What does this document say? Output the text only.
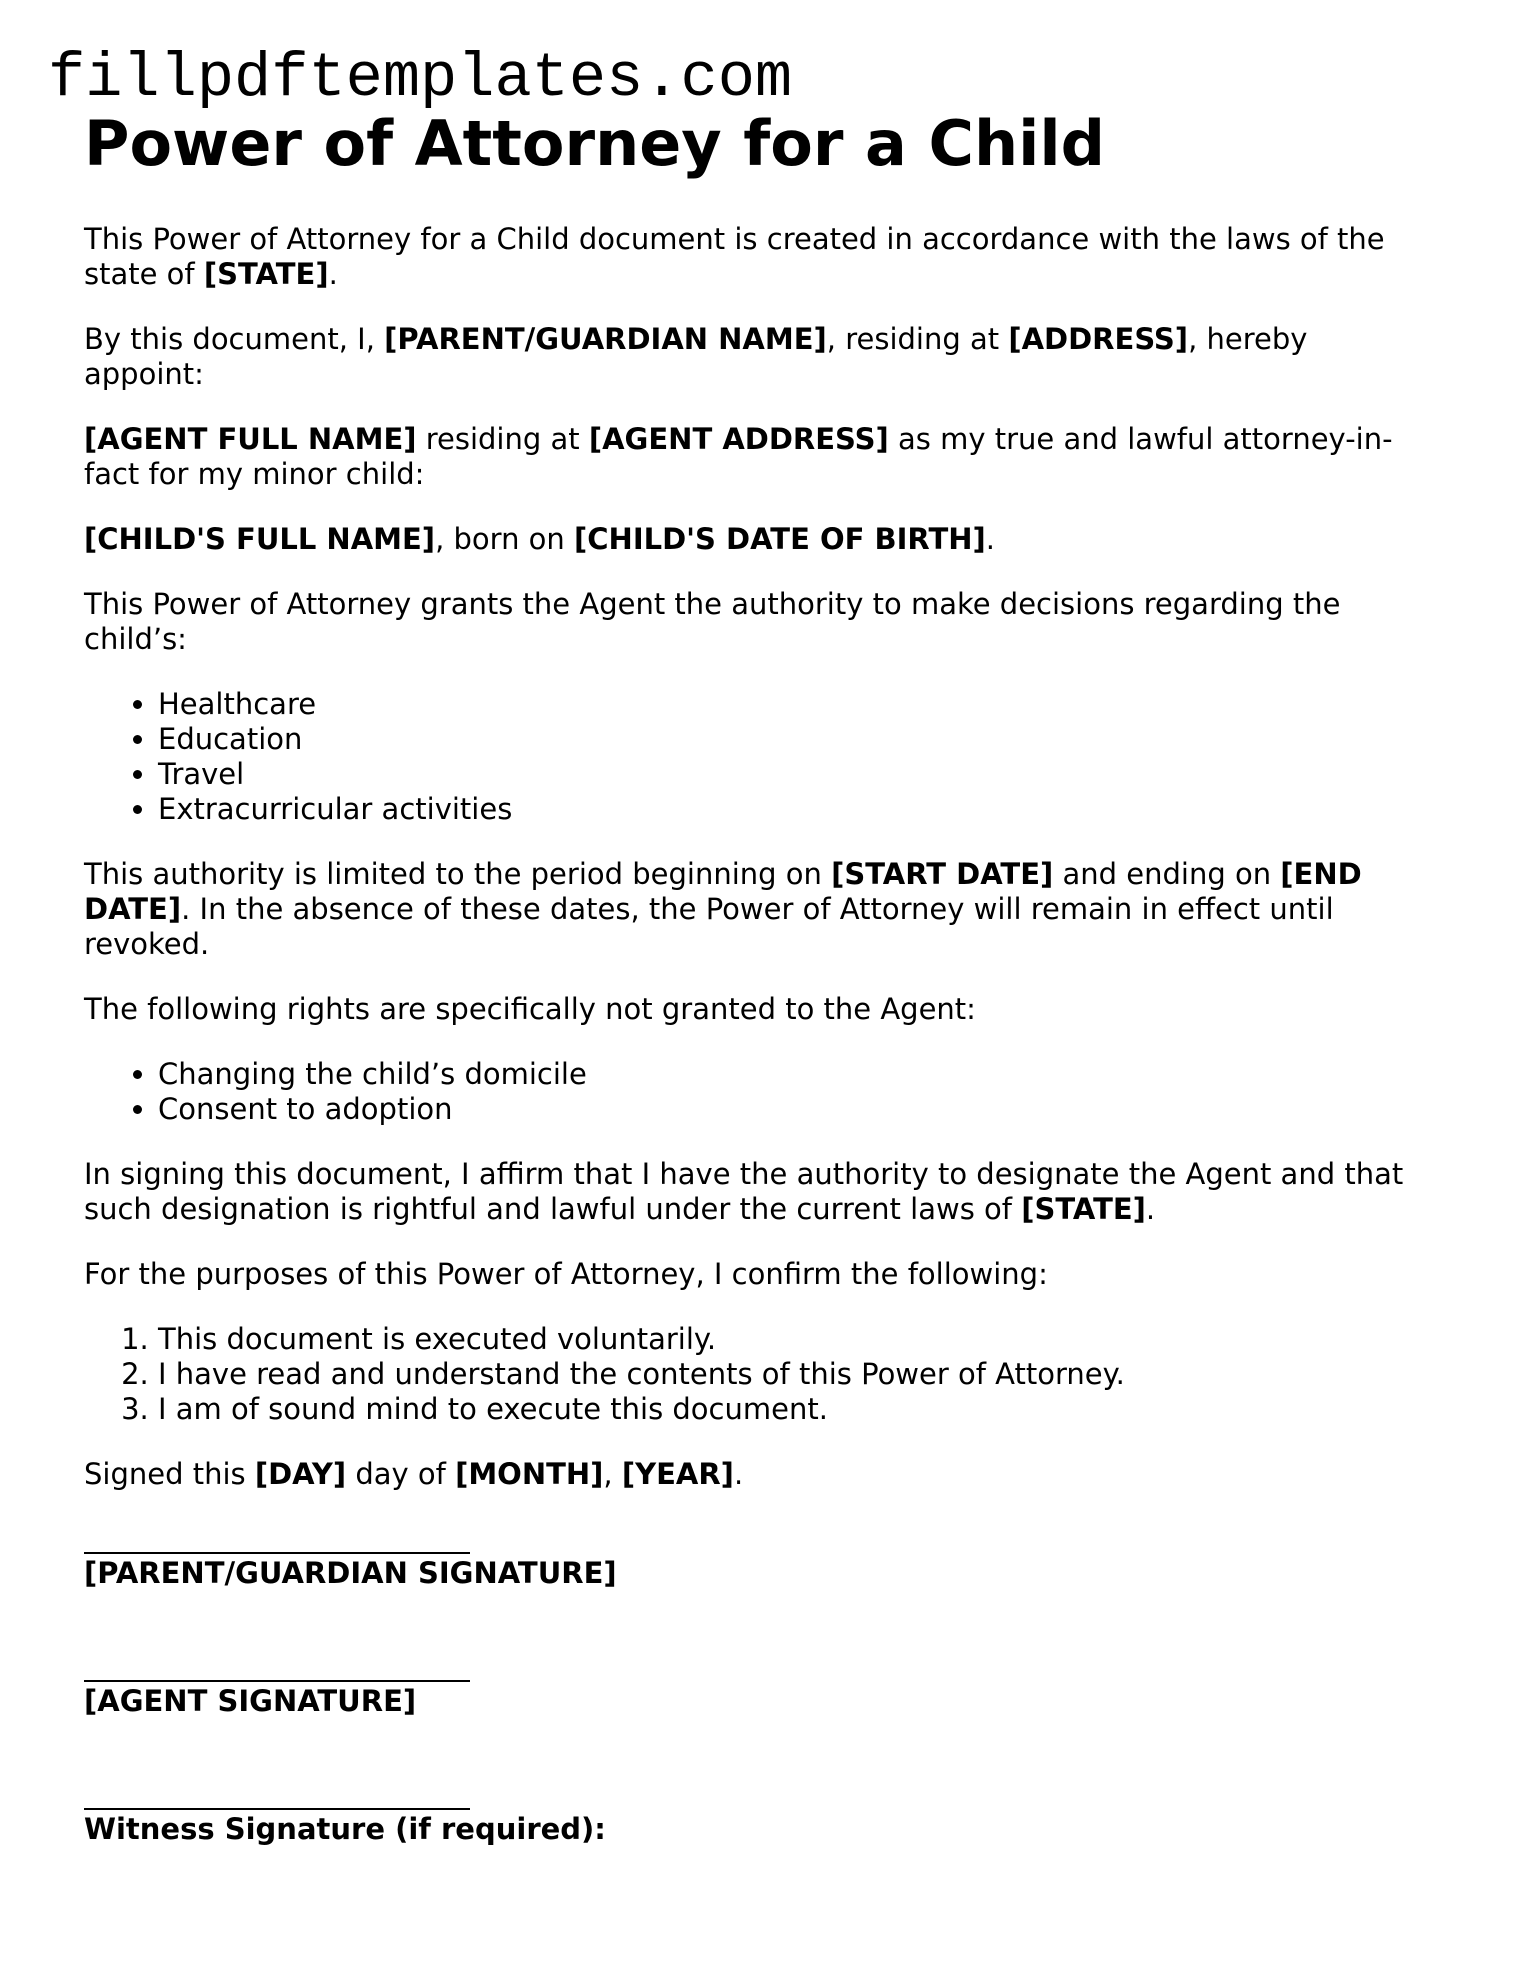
fillpdftemplates.com
Power of Attorney for a Child

This Power of Attorney for a Child document is created in accordance with the laws of the state of [STATE].

By this document, I, [PARENT/GUARDIAN NAME], residing at [ADDRESS], hereby appoint:

[AGENT FULL NAME] residing at [AGENT ADDRESS] as my true and lawful attorney-in-fact for my minor child:

[CHILD'S FULL NAME], born on [CHILD'S DATE OF BIRTH].

This Power of Attorney grants the Agent the authority to make decisions regarding the child’s:

• Healthcare
• Education
• Travel
• Extracurricular activities

This authority is limited to the period beginning on [START DATE] and ending on [END DATE]. In the absence of these dates, the Power of Attorney will remain in effect until revoked.

The following rights are specifically not granted to the Agent:

• Changing the child’s domicile
• Consent to adoption

In signing this document, I affirm that I have the authority to designate the Agent and that such designation is rightful and lawful under the current laws of [STATE].

For the purposes of this Power of Attorney, I confirm the following:

1. This document is executed voluntarily.
2. I have read and understand the contents of this Power of Attorney.
3. I am of sound mind to execute this document.

Signed this [DAY] day of [MONTH], [YEAR].

[PARENT/GUARDIAN SIGNATURE]
[AGENT SIGNATURE]
Witness Signature (if required):
